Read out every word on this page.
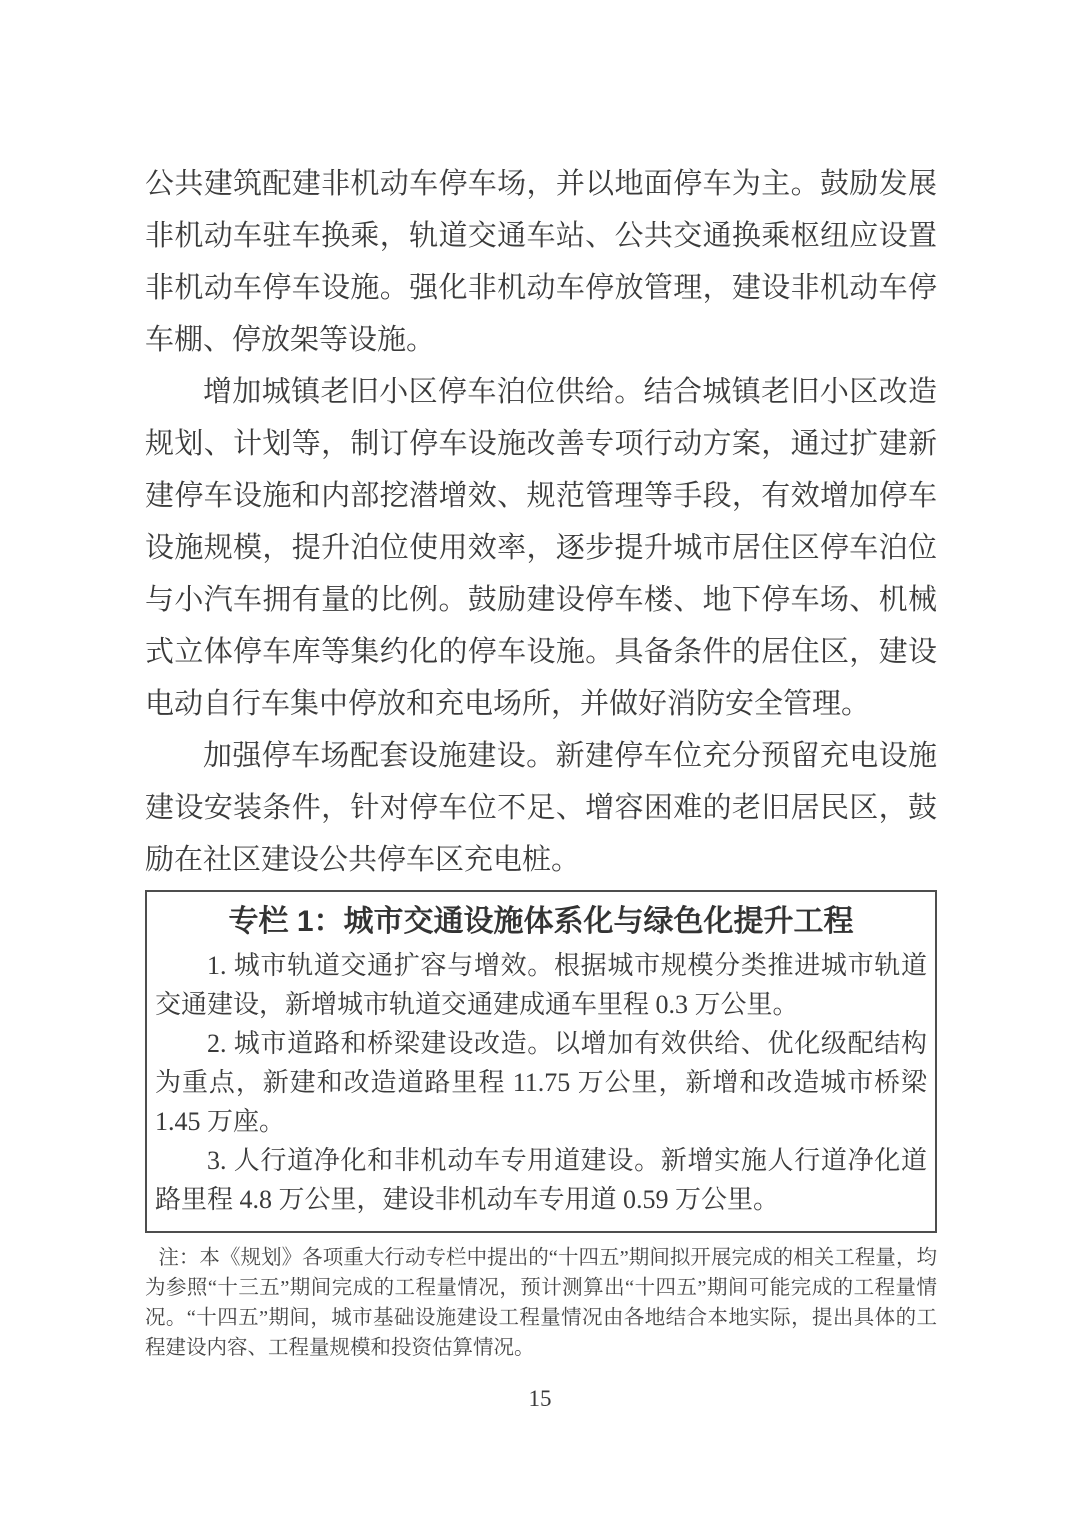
公共建筑配建非机动车停车场，并以地面停车为主。鼓励发展非机动车驻车换乘，轨道交通车站、公共交通换乘枢纽应设置非机动车停车设施。强化非机动车停放管理，建设非机动车停车棚、停放架等设施。

增加城镇老旧小区停车泊位供给。结合城镇老旧小区改造规划、计划等，制订停车设施改善专项行动方案，通过扩建新建停车设施和内部挖潜增效、规范管理等手段，有效增加停车设施规模，提升泊位使用效率，逐步提升城市居住区停车泊位与小汽车拥有量的比例。鼓励建设停车楼、地下停车场、机械式立体停车库等集约化的停车设施。具备条件的居住区，建设电动自行车集中停放和充电场所，并做好消防安全管理。

加强停车场配套设施建设。新建停车位充分预留充电设施建设安装条件，针对停车位不足、增容困难的老旧居民区，鼓励在社区建设公共停车区充电桩。

专栏 1：城市交通设施体系化与绿色化提升工程

1. 城市轨道交通扩容与增效。根据城市规模分类推进城市轨道交通建设，新增城市轨道交通建成通车里程 0.3 万公里。

2. 城市道路和桥梁建设改造。以增加有效供给、优化级配结构为重点，新建和改造道路里程 11.75 万公里，新增和改造城市桥梁 1.45 万座。

3. 人行道净化和非机动车专用道建设。新增实施人行道净化道路里程 4.8 万公里，建设非机动车专用道 0.59 万公里。

注：本《规划》各项重大行动专栏中提出的“十四五”期间拟开展完成的相关工程量，均为参照“十三五”期间完成的工程量情况，预计测算出“十四五”期间可能完成的工程量情况。“十四五”期间，城市基础设施建设工程量情况由各地结合本地实际，提出具体的工程建设内容、工程量规模和投资估算情况。

15
